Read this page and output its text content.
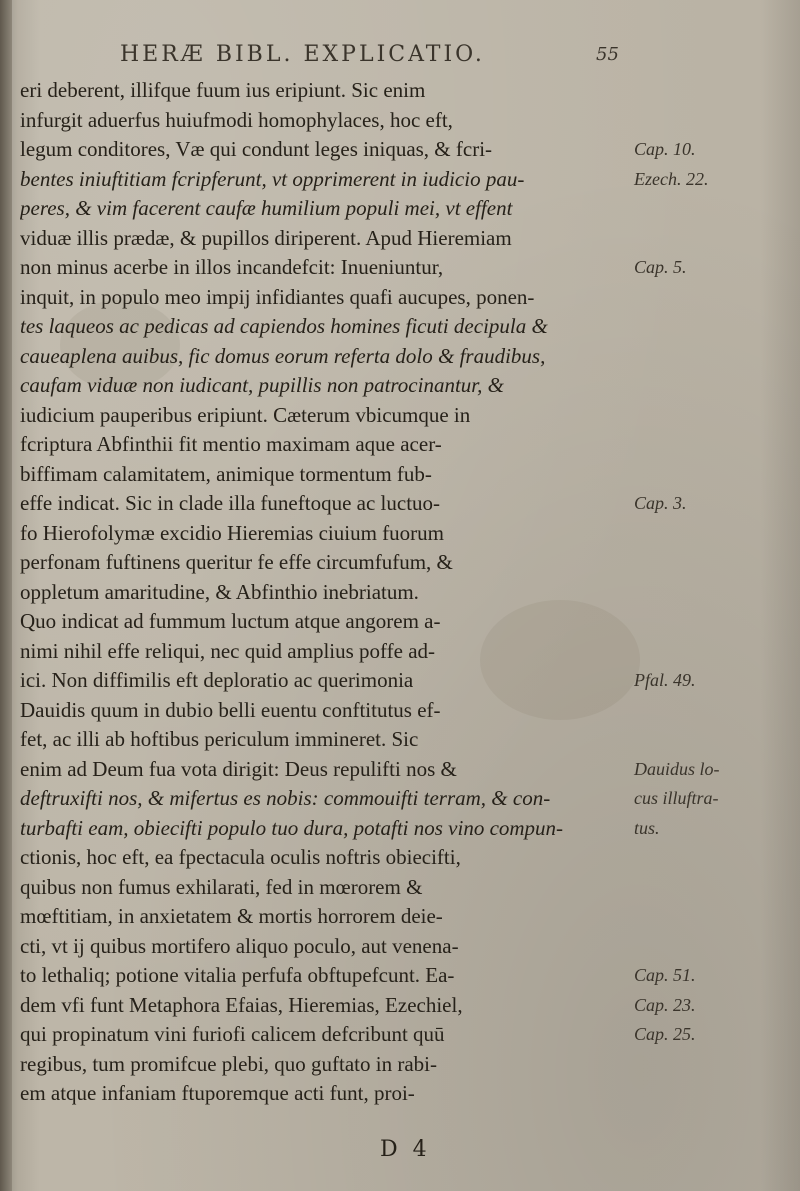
HERÆ BIBL. EXPLICATIO.	55
eri deberent, illifque fuum ius eripiunt. Sic enim
infurgit aduerfus huiufmodi homophylaces, hoc eft,
legum conditores, Væ qui condunt leges iniquas, & fcri-
bentes iniuftitiam fcripferunt, vt opprimerent in iudicio pau-
peres, & vim facerent caufæ humilium populi mei, vt effent
viduæ illis prædæ, & pupillos diriperent. Apud Hieremiam
non minus acerbe in illos incandefcit: Inueniuntur,
inquit, in populo meo impij infidiantes quafi aucupes, ponen-
tes laqueos ac pedicas ad capiendos homines ficuti decipula &
caueaplena auibus, fic domus eorum referta dolo & fraudibus,
caufam viduæ non iudicant, pupillis non patrocinantur, &
iudicium pauperibus eripiunt. Cæterum vbicumque in
fcriptura Abfinthii fit mentio maximam aque acer-
biffimam calamitatem, animique tormentum fub-
effe indicat. Sic in clade illa funeftoque ac luctuo-
fo Hierofolymæ excidio Hieremias ciuium fuorum
perfonam fuftinens queritur fe effe circumfufum, &
oppletum amaritudine, & Abfinthio inebriatum.
Quo indicat ad fummum luctum atque angorem a-
nimi nihil effe reliqui, nec quid amplius poffe ad-
ici. Non diffimilis eft deploratio ac querimonia
Dauidis quum in dubio belli euentu conftitutus ef-
fet, ac illi ab hoftibus periculum immineret. Sic
enim ad Deum fua vota dirigit: Deus repulifti nos &
deftruxifti nos, & mifertus es nobis: commouifti terram, & con-
turbafti eam, obiecifti populo tuo dura, potafti nos vino compun-
ctionis, hoc eft, ea fpectacula oculis noftris obiecifti,
quibus non fumus exhilarati, fed in mœrorem &
mœftitiam, in anxietatem & mortis horrorem deie-
cti, vt ij quibus mortifero aliquo poculo, aut venena-
to lethaliq; potione vitalia perfufa obftupefcunt. Ea-
dem vfi funt Metaphora Efaias, Hieremias, Ezechiel,
qui propinatum vini furiofi calicem defcribunt quū
regibus, tum promifcue plebi, quo guftato in rabi-
em atque infaniam ftuporemque acti funt, proi-
Cap. 10.
Ezech. 22.
Cap. 5.
Cap. 3.
Pfal. 49.
Dauidus lo-
cus illuftra-
tus.
Cap. 51.
Cap. 23.
Cap. 25.
D 4
